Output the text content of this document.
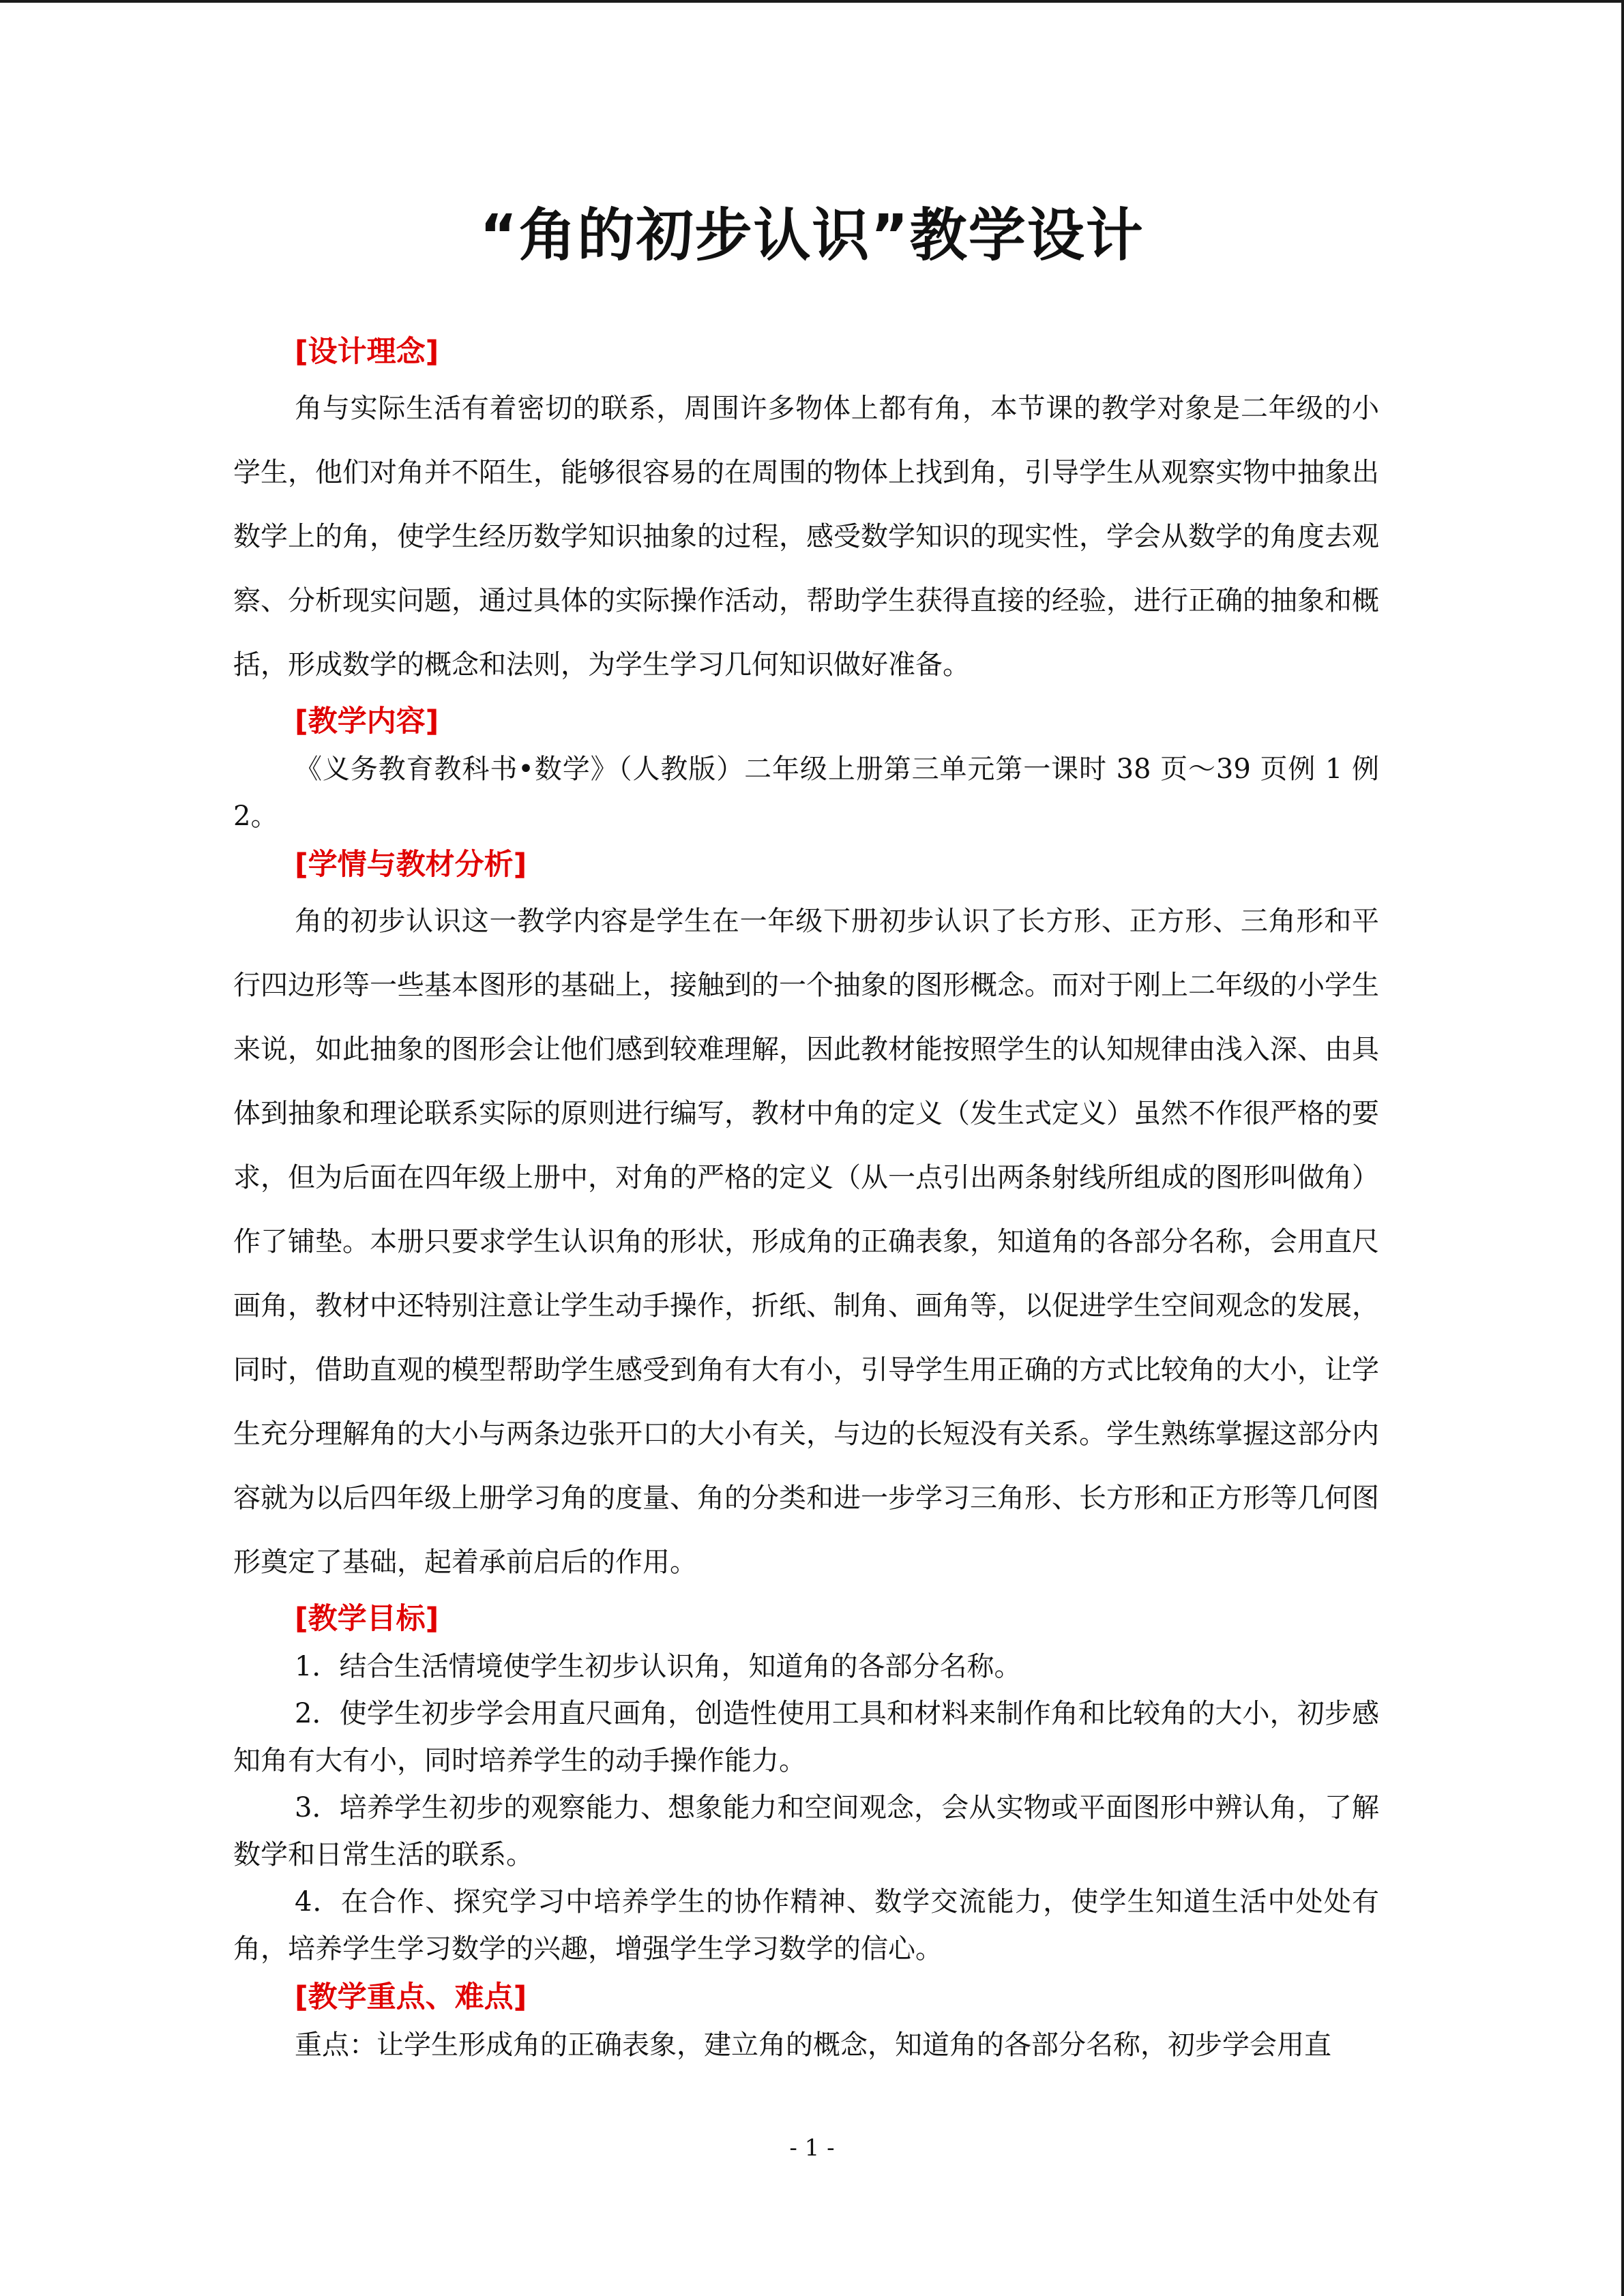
“角的初步认识”教学设计
[设计理念]

角与实际生活有着密切的联系，周围许多物体上都有角，本节课的教学对象是二年级的小学生，他们对角并不陌生，能够很容易的在周围的物体上找到角，引导学生从观察实物中抽象出数学上的角，使学生经历数学知识抽象的过程，感受数学知识的现实性，学会从数学的角度去观察、分析现实问题，通过具体的实际操作活动，帮助学生获得直接的经验，进行正确的抽象和概括，形成数学的概念和法则，为学生学习几何知识做好准备。

[教学内容]

《义务教育教科书•数学》（人教版）二年级上册第三单元第一课时 38 页～39 页例 1 例 2。

[学情与教材分析]

角的初步认识这一教学内容是学生在一年级下册初步认识了长方形、正方形、三角形和平行四边形等一些基本图形的基础上，接触到的一个抽象的图形概念。而对于刚上二年级的小学生来说，如此抽象的图形会让他们感到较难理解，因此教材能按照学生的认知规律由浅入深、由具体到抽象和理论联系实际的原则进行编写，教材中角的定义（发生式定义）虽然不作很严格的要求，但为后面在四年级上册中，对角的严格的定义（从一点引出两条射线所组成的图形叫做角）作了铺垫。本册只要求学生认识角的形状，形成角的正确表象，知道角的各部分名称，会用直尺画角，教材中还特别注意让学生动手操作，折纸、制角、画角等，以促进学生空间观念的发展，同时，借助直观的模型帮助学生感受到角有大有小，引导学生用正确的方式比较角的大小，让学生充分理解角的大小与两条边张开口的大小有关，与边的长短没有关系。学生熟练掌握这部分内容就为以后四年级上册学习角的度量、角的分类和进一步学习三角形、长方形和正方形等几何图形奠定了基础，起着承前启后的作用。

[教学目标]

1．结合生活情境使学生初步认识角，知道角的各部分名称。

2．使学生初步学会用直尺画角，创造性使用工具和材料来制作角和比较角的大小，初步感知角有大有小，同时培养学生的动手操作能力。

3．培养学生初步的观察能力、想象能力和空间观念，会从实物或平面图形中辨认角，了解数学和日常生活的联系。

4．在合作、探究学习中培养学生的协作精神、数学交流能力，使学生知道生活中处处有角，培养学生学习数学的兴趣，增强学生学习数学的信心。

[教学重点、难点]

重点：让学生形成角的正确表象，建立角的概念，知道角的各部分名称，初步学会用直

- 1 -
